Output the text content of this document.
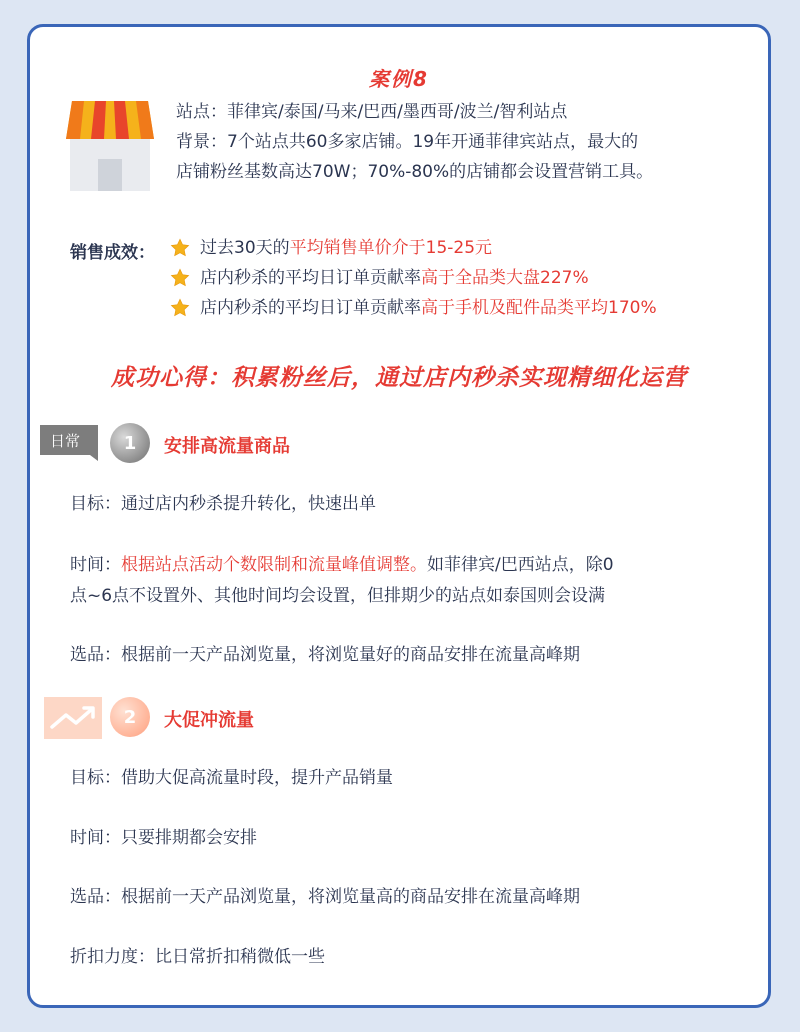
案例8
站点：菲律宾/泰国/马来/巴西/墨西哥/波兰/智利站点
背景：7个站点共60多家店铺。19年开通菲律宾站点，最大的
店铺粉丝基数高达70W；70%-80%的店铺都会设置营销工具。
销售成效：	过去30天的 平均销售单价介于15-25元
店内秒杀的平均日订单贡献率 高于全品类大盘227%
店内秒杀的平均日订单贡献率 高于手机及配件品类平均170%
成功心得：积累粉丝后，通过店内秒杀实现精细化运营
日常	1	安排高流量商品
目标：通过店内秒杀提升转化，快速出单
时间：根据站点活动个数限制和流量峰值调整。如菲律宾/巴西站点，除0
点~6点不设置外、其他时间均会设置，但排期少的站点如泰国则会设满
选品：根据前一天产品浏览量，将浏览量好的商品安排在流量高峰期
2	大促冲流量
目标：借助大促高流量时段，提升产品销量
时间：只要排期都会安排
选品：根据前一天产品浏览量，将浏览量高的商品安排在流量高峰期
折扣力度：比日常折扣稍微低一些
